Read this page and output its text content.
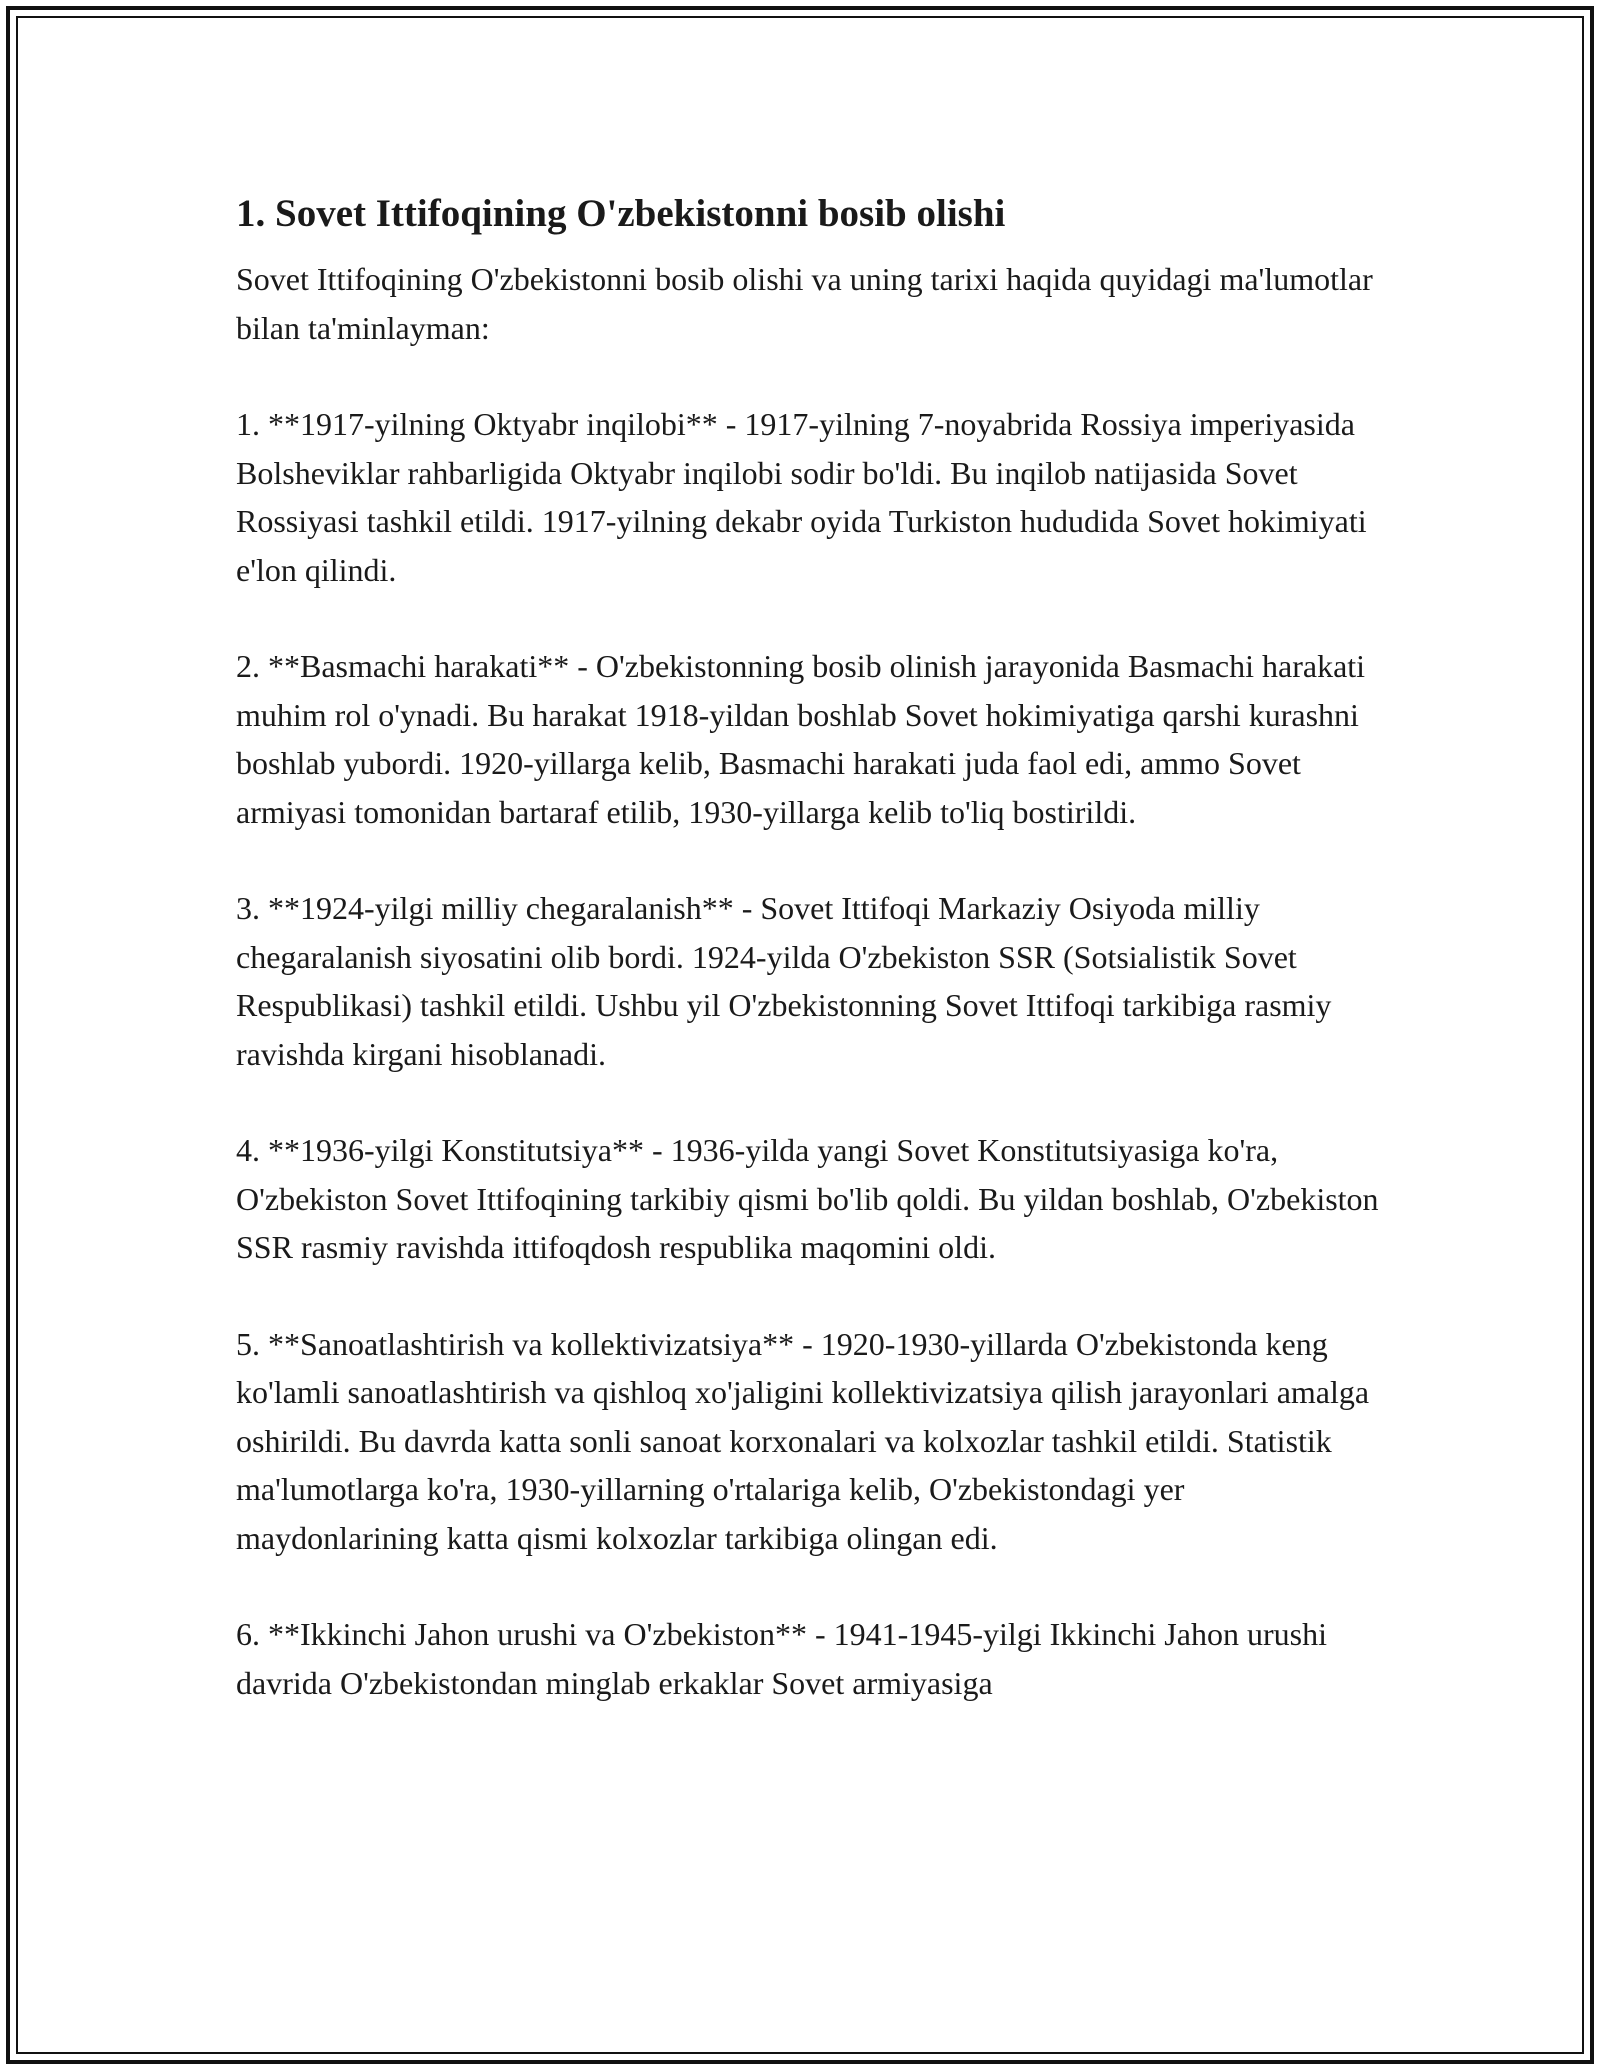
1. Sovet Ittifoqining O'zbekistonni bosib olishi

Sovet Ittifoqining O'zbekistonni bosib olishi va uning tarixi haqida quyidagi ma'lumotlar bilan ta'minlayman:

1. **1917-yilning Oktyabr inqilobi** - 1917-yilning 7-noyabrida Rossiya imperiyasida Bolsheviklar rahbarligida Oktyabr inqilobi sodir bo'ldi. Bu inqilob natijasida Sovet Rossiyasi tashkil etildi. 1917-yilning dekabr oyida Turkiston hududida Sovet hokimiyati e'lon qilindi.

2. **Basmachi harakati** - O'zbekistonning bosib olinish jarayonida Basmachi harakati muhim rol o'ynadi. Bu harakat 1918-yildan boshlab Sovet hokimiyatiga qarshi kurashni boshlab yubordi. 1920-yillarga kelib, Basmachi harakati juda faol edi, ammo Sovet armiyasi tomonidan bartaraf etilib, 1930-yillarga kelib to'liq bostirildi.

3. **1924-yilgi milliy chegaralanish** - Sovet Ittifoqi Markaziy Osiyoda milliy chegaralanish siyosatini olib bordi. 1924-yilda O'zbekiston SSR (Sotsialistik Sovet Respublikasi) tashkil etildi. Ushbu yil O'zbekistonning Sovet Ittifoqi tarkibiga rasmiy ravishda kirgani hisoblanadi.

4. **1936-yilgi Konstitutsiya** - 1936-yilda yangi Sovet Konstitutsiyasiga ko'ra, O'zbekiston Sovet Ittifoqining tarkibiy qismi bo'lib qoldi. Bu yildan boshlab, O'zbekiston SSR rasmiy ravishda ittifoqdosh respublika maqomini oldi.

5. **Sanoatlashtirish va kollektivizatsiya** - 1920-1930-yillarda O'zbekistonda keng ko'lamli sanoatlashtirish va qishloq xo'jaligini kollektivizatsiya qilish jarayonlari amalga oshirildi. Bu davrda katta sonli sanoat korxonalari va kolxozlar tashkil etildi. Statistik ma'lumotlarga ko'ra, 1930-yillarning o'rtalariga kelib, O'zbekistondagi yer maydonlarining katta qismi kolxozlar tarkibiga olingan edi.

6. **Ikkinchi Jahon urushi va O'zbekiston** - 1941-1945-yilgi Ikkinchi Jahon urushi davrida O'zbekistondan minglab erkaklar Sovet armiyasiga
